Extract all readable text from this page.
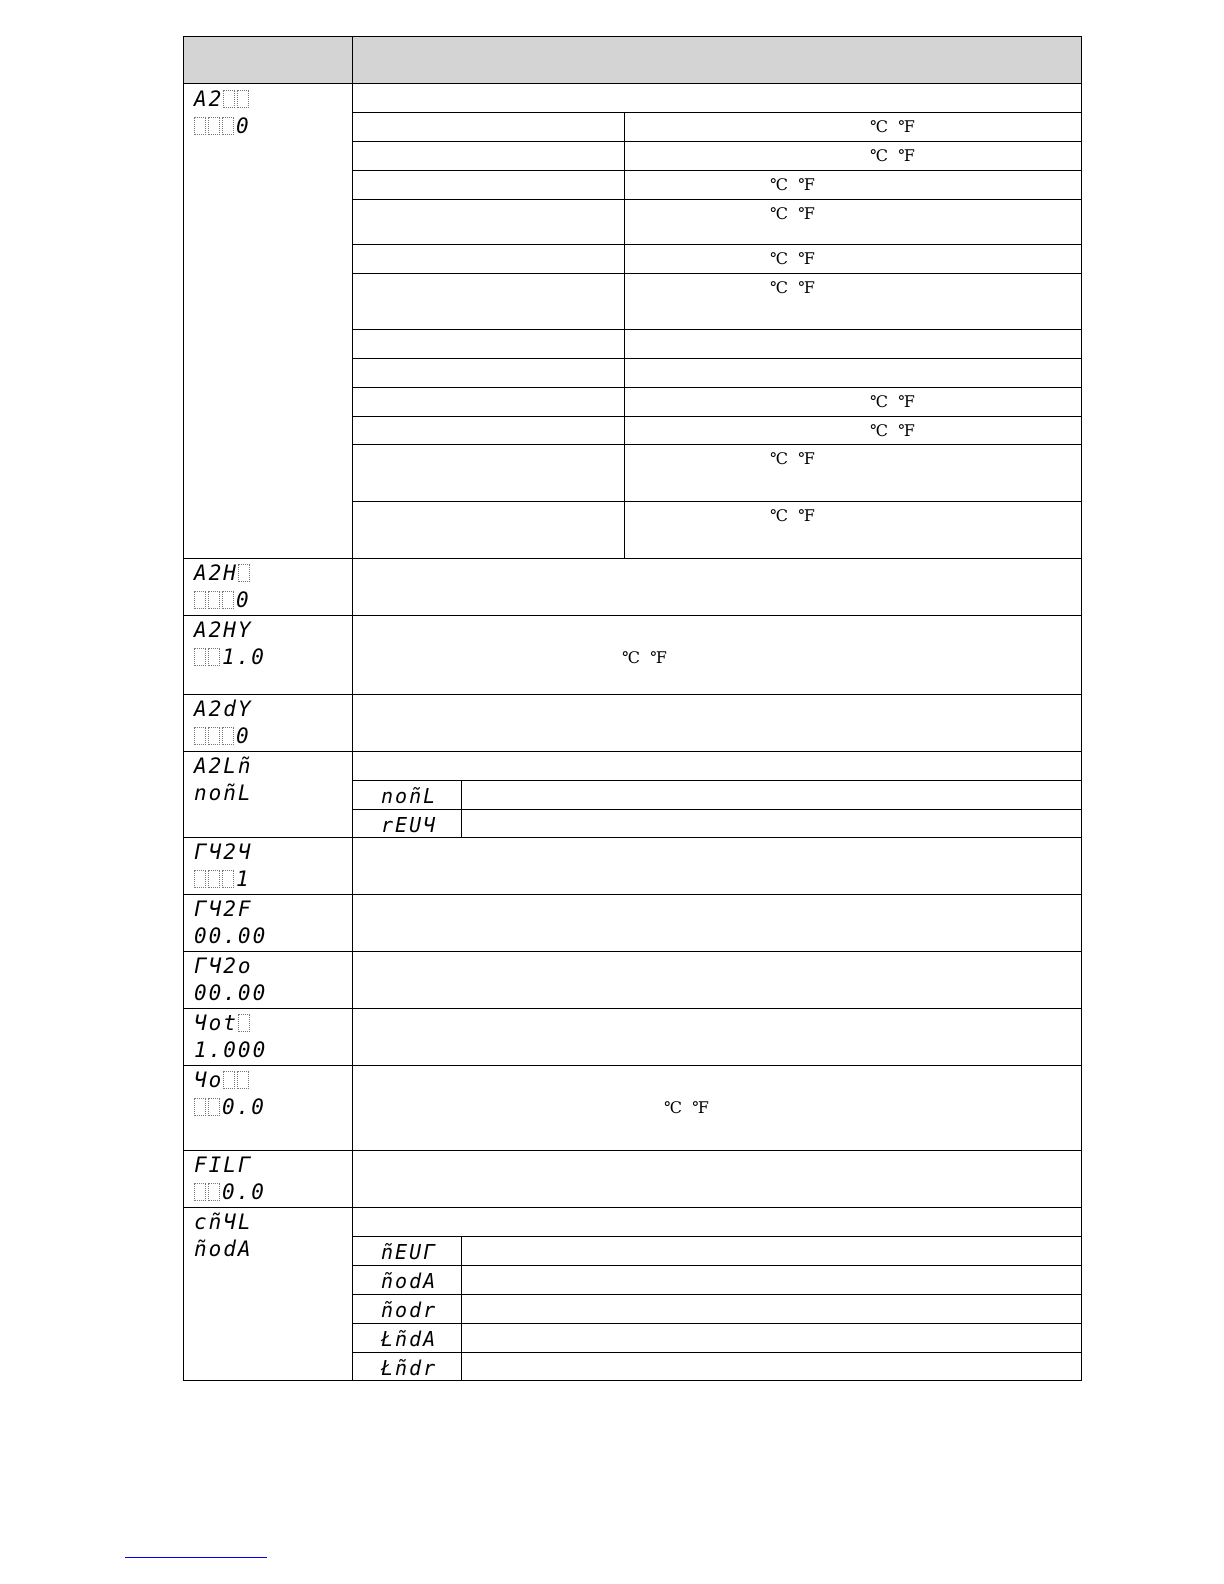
℃  ℉
℃  ℉
℃  ℉
℃  ℉
℃  ℉
℃  ℉
℃  ℉
℃  ℉
℃  ℉
℃  ℉
℃  ℉
℃  ℉
A2
0
A2H
0
A2HY
1.0
A2dY
0
A2Lñ
noñL
ΓЧ2Ч
1
ΓЧ2F
00.00
ΓЧ2o
00.00
Чot
1.000
Чo
0.0
FILΓ
0.0
cñЧL
ñodA
noñL
rEUЧ
ñEUΓ
ñodA
ñodr
ŁñdA
Łñdr
